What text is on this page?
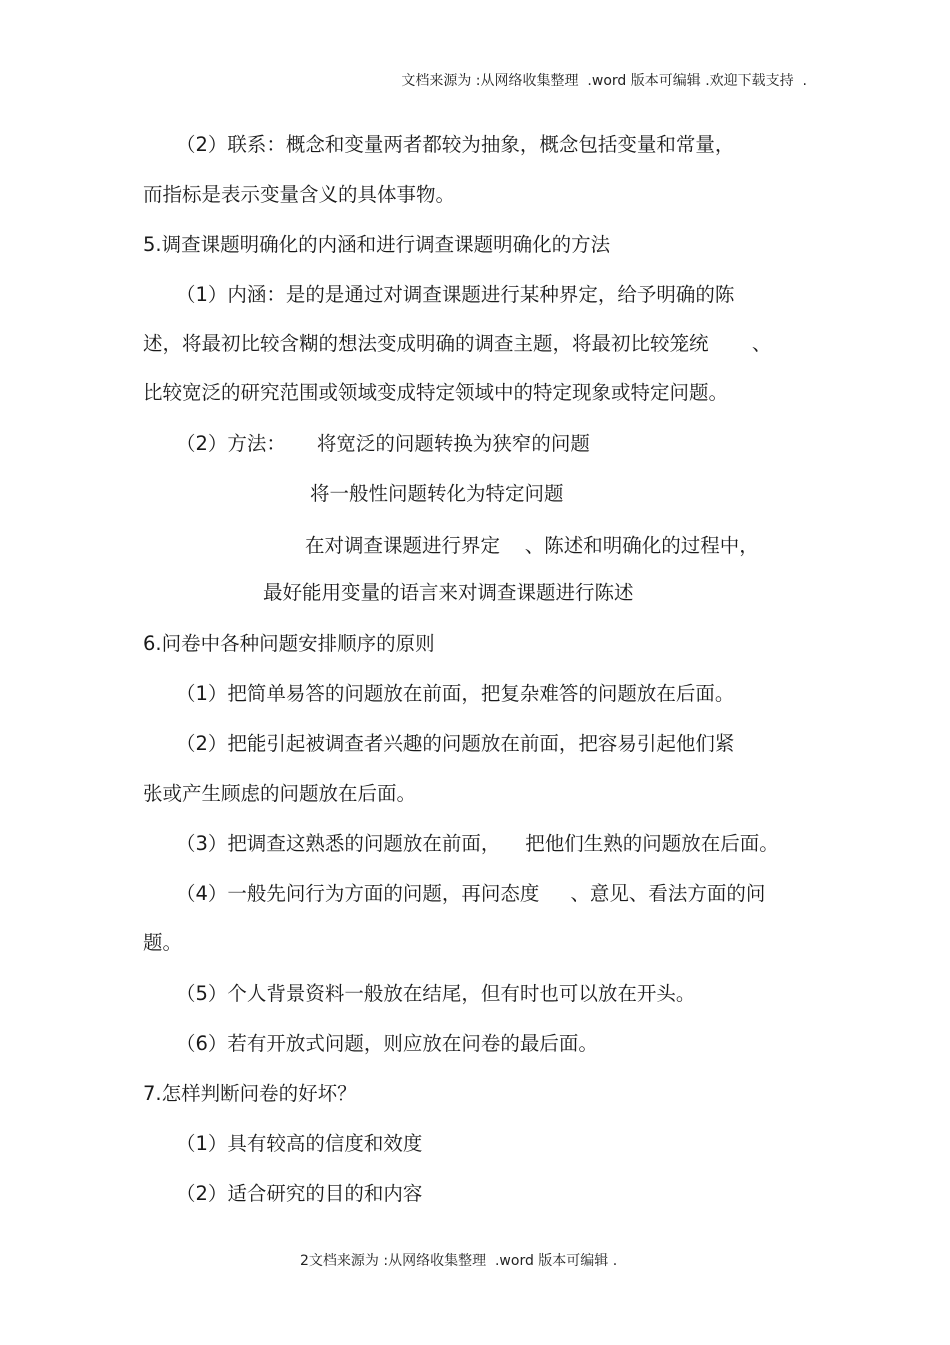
文档来源为 :从网络收集整理  .word 版本可编辑 .欢迎下载支持  .
（2）联系：概念和变量两者都较为抽象，概念包括变量和常量，
而指标是表示变量含义的具体事物。
5.调查课题明确化的内涵和进行调查课题明确化的方法
（1）内涵：是的是通过对调查课题进行某种界定，给予明确的陈
述，将最初比较含糊的想法变成明确的调查主题，将最初比较笼统       、
比较宽泛的研究范围或领域变成特定领域中的特定现象或特定问题。
（2）方法：     将宽泛的问题转换为狭窄的问题
将一般性问题转化为特定问题
在对调查课题进行界定    、陈述和明确化的过程中，
最好能用变量的语言来对调查课题进行陈述
6.问卷中各种问题安排顺序的原则
（1）把简单易答的问题放在前面，把复杂难答的问题放在后面。
（2）把能引起被调查者兴趣的问题放在前面，把容易引起他们紧
张或产生顾虑的问题放在后面。
（3）把调查这熟悉的问题放在前面，    把他们生熟的问题放在后面。
（4）一般先问行为方面的问题，再问态度     、意见、看法方面的问
题。
（5）个人背景资料一般放在结尾，但有时也可以放在开头。
（6）若有开放式问题，则应放在问卷的最后面。
7.怎样判断问卷的好坏？
（1）具有较高的信度和效度
（2）适合研究的目的和内容
2文档来源为 :从网络收集整理  .word 版本可编辑 .
